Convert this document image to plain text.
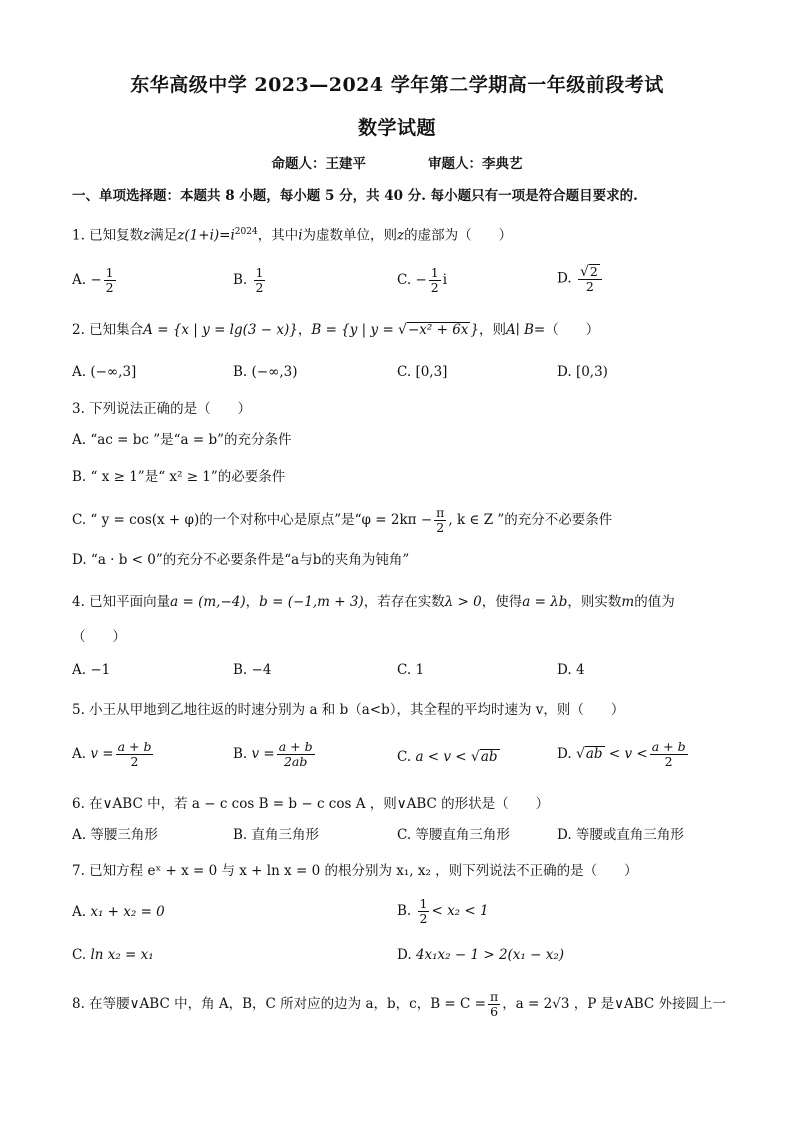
东华高级中学 2023—2024 学年第二学期高一年级前段考试
数学试题
命题人：王建平	审题人：李典艺
一、单项选择题：本题共 8 小题，每小题 5 分，共 40 分. 每小题只有一项是符合题目要求的.
1. 已知复数z满足$z(1+i)=i^{2024}$，其中i为虚数单位，则z的虚部为（　　）
A. − $\frac{1}{2}$	B. $\frac{1}{2}$	C. − $\frac{1}{2}$ i	D. $\frac{√2}{2}$
2. 已知集合A = {x | y = lg(3 − x)}，B = {y | y = √−x² + 6x }，则A∣ B=（　　）
A. (−∞,3]	B. (−∞,3)	C. [0,3]	D. [0,3)
3. 下列说法正确的是（　　）
A. “ac = bc ”是“a = b”的充分条件
B. “ x ≥ 1”是“ x² ≥ 1”的必要条件
C. “ y = cos(x + φ)的一个对称中心是原点”是“$\varphi = 2k\pi - \frac{\pi}{2}$ , k ∈ Z ”的充分不必要条件
D. “a · b < 0”的充分不必要条件是“a与b的夹角为钝角”
4. 已知平面向量a = (m,−4)，b = (−1,m + 3)，若存在实数λ > 0，使得a = λb，则实数m的值为
（　　）
A. −1	B. −4	C. 1	D. 4
5. 小王从甲地到乙地往返的时速分别为 a 和 b（a<b），其全程的平均时速为 v，则（　　）
A. $v = \frac{a + b}{2}$	B. $v = \frac{a + b}{2ab}$	C. a < v < √ab	D. $√ab < v < \frac{a + b}{2}$
6. 在∨ABC 中，若 a − c cos B = b − c cos A ，则∨ABC 的形状是（　　）
A. 等腰三角形	B. 直角三角形	C. 等腰直角三角形	D. 等腰或直角三角形
7. 已知方程 eˣ + x = 0 与 x + ln x = 0 的根分别为 x₁, x₂ ，则下列说法不正确的是（　　）
A. x₁ + x₂ = 0	B. $\frac{1}{2} < x_2 < 1$
C. ln x₂ = x₁	D. 4x₁x₂ − 1 > 2(x₁ − x₂)
8. 在等腰∨ABC 中，角 A，B，C 所对应的边为 a，b，c，$B = C = \frac{\pi}{6}$ ，a = 2√3 ，P 是∨ABC 外接圆上一
